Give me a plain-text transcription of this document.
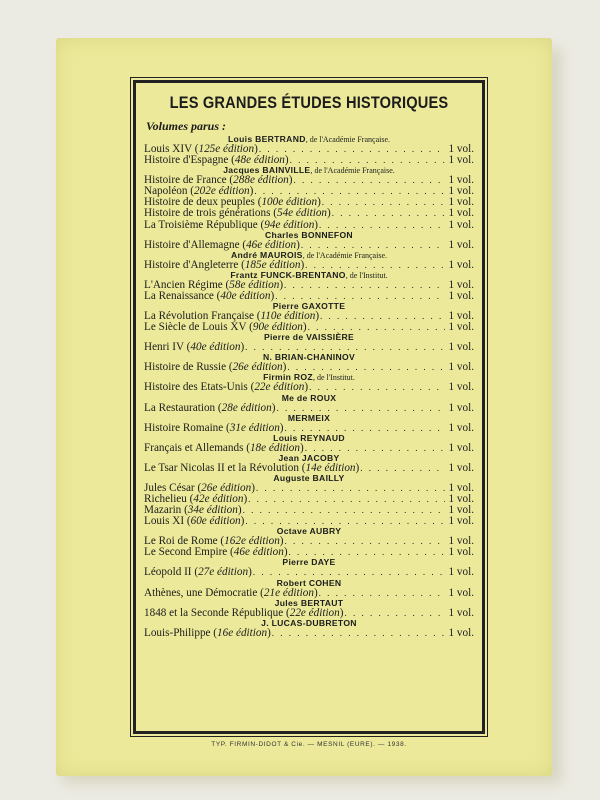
LES GRANDES ÉTUDES HISTORIQUES
Volumes parus :
Louis BERTRAND, de l'Académie Française.
Louis XIV (125e édition) . . .	1 vol.
Histoire d'Espagne (48e édition) . . .	1 vol.
Jacques BAINVILLE, de l'Académie Française.
Histoire de France (288e édition) . . .	1 vol.
Napoléon (202e édition) . . .	1 vol.
Histoire de deux peuples (100e édition) . . .	1 vol.
Histoire de trois générations (54e édition) . . .	1 vol.
La Troisième République (94e édition) . . .	1 vol.
Charles BONNEFON
Histoire d'Allemagne (46e édition) . . .	1 vol.
André MAUROIS, de l'Académie Française.
Histoire d'Angleterre (185e édition) . . .	1 vol.
Frantz FUNCK-BRENTANO, de l'Institut.
L'Ancien Régime (58e édition) . . .	1 vol.
La Renaissance (40e édition) . . .	1 vol.
Pierre GAXOTTE
La Révolution Française (110e édition) . . .	1 vol.
Le Siècle de Louis XV (90e édition) . . .	1 vol.
Pierre de VAISSIÈRE
Henri IV (40e édition) . . .	1 vol.
N. BRIAN-CHANINOV
Histoire de Russie (26e édition) . . .	1 vol.
Firmin ROZ, de l'Institut.
Histoire des États-Unis (22e édition) . . .	1 vol.
Me de ROUX
La Restauration (28e édition) . . .	1 vol.
MERMEIX
Histoire Romaine (31e édition) . . .	1 vol.
Louis REYNAUD
Français et Allemands (18e édition) . . .	1 vol.
Jean JACOBY
Le Tsar Nicolas II et la Révolution (14e édition) . . .	1 vol.
Auguste BAILLY
Jules César (26e édition) . . .	1 vol.
Richelieu (42e édition) . . .	1 vol.
Mazarin (34e édition) . . .	1 vol.
Louis XI (60e édition) . . .	1 vol.
Octave AUBRY
Le Roi de Rome (162e édition) . . .	1 vol.
Le Second Empire (46e édition) . . .	1 vol.
Pierre DAYE
Léopold II (27e édition) . . .	1 vol.
Robert COHEN
Athènes, une Démocratie (21e édition) . . .	1 vol.
Jules BERTAUT
1848 et la Seconde République (22e édition) . . .	1 vol.
J. LUCAS-DUBRETON
Louis-Philippe (16e édition) . . .	1 vol.
TYP. FIRMIN-DIDOT & Cie. — MESNIL (EURE). — 1938.
